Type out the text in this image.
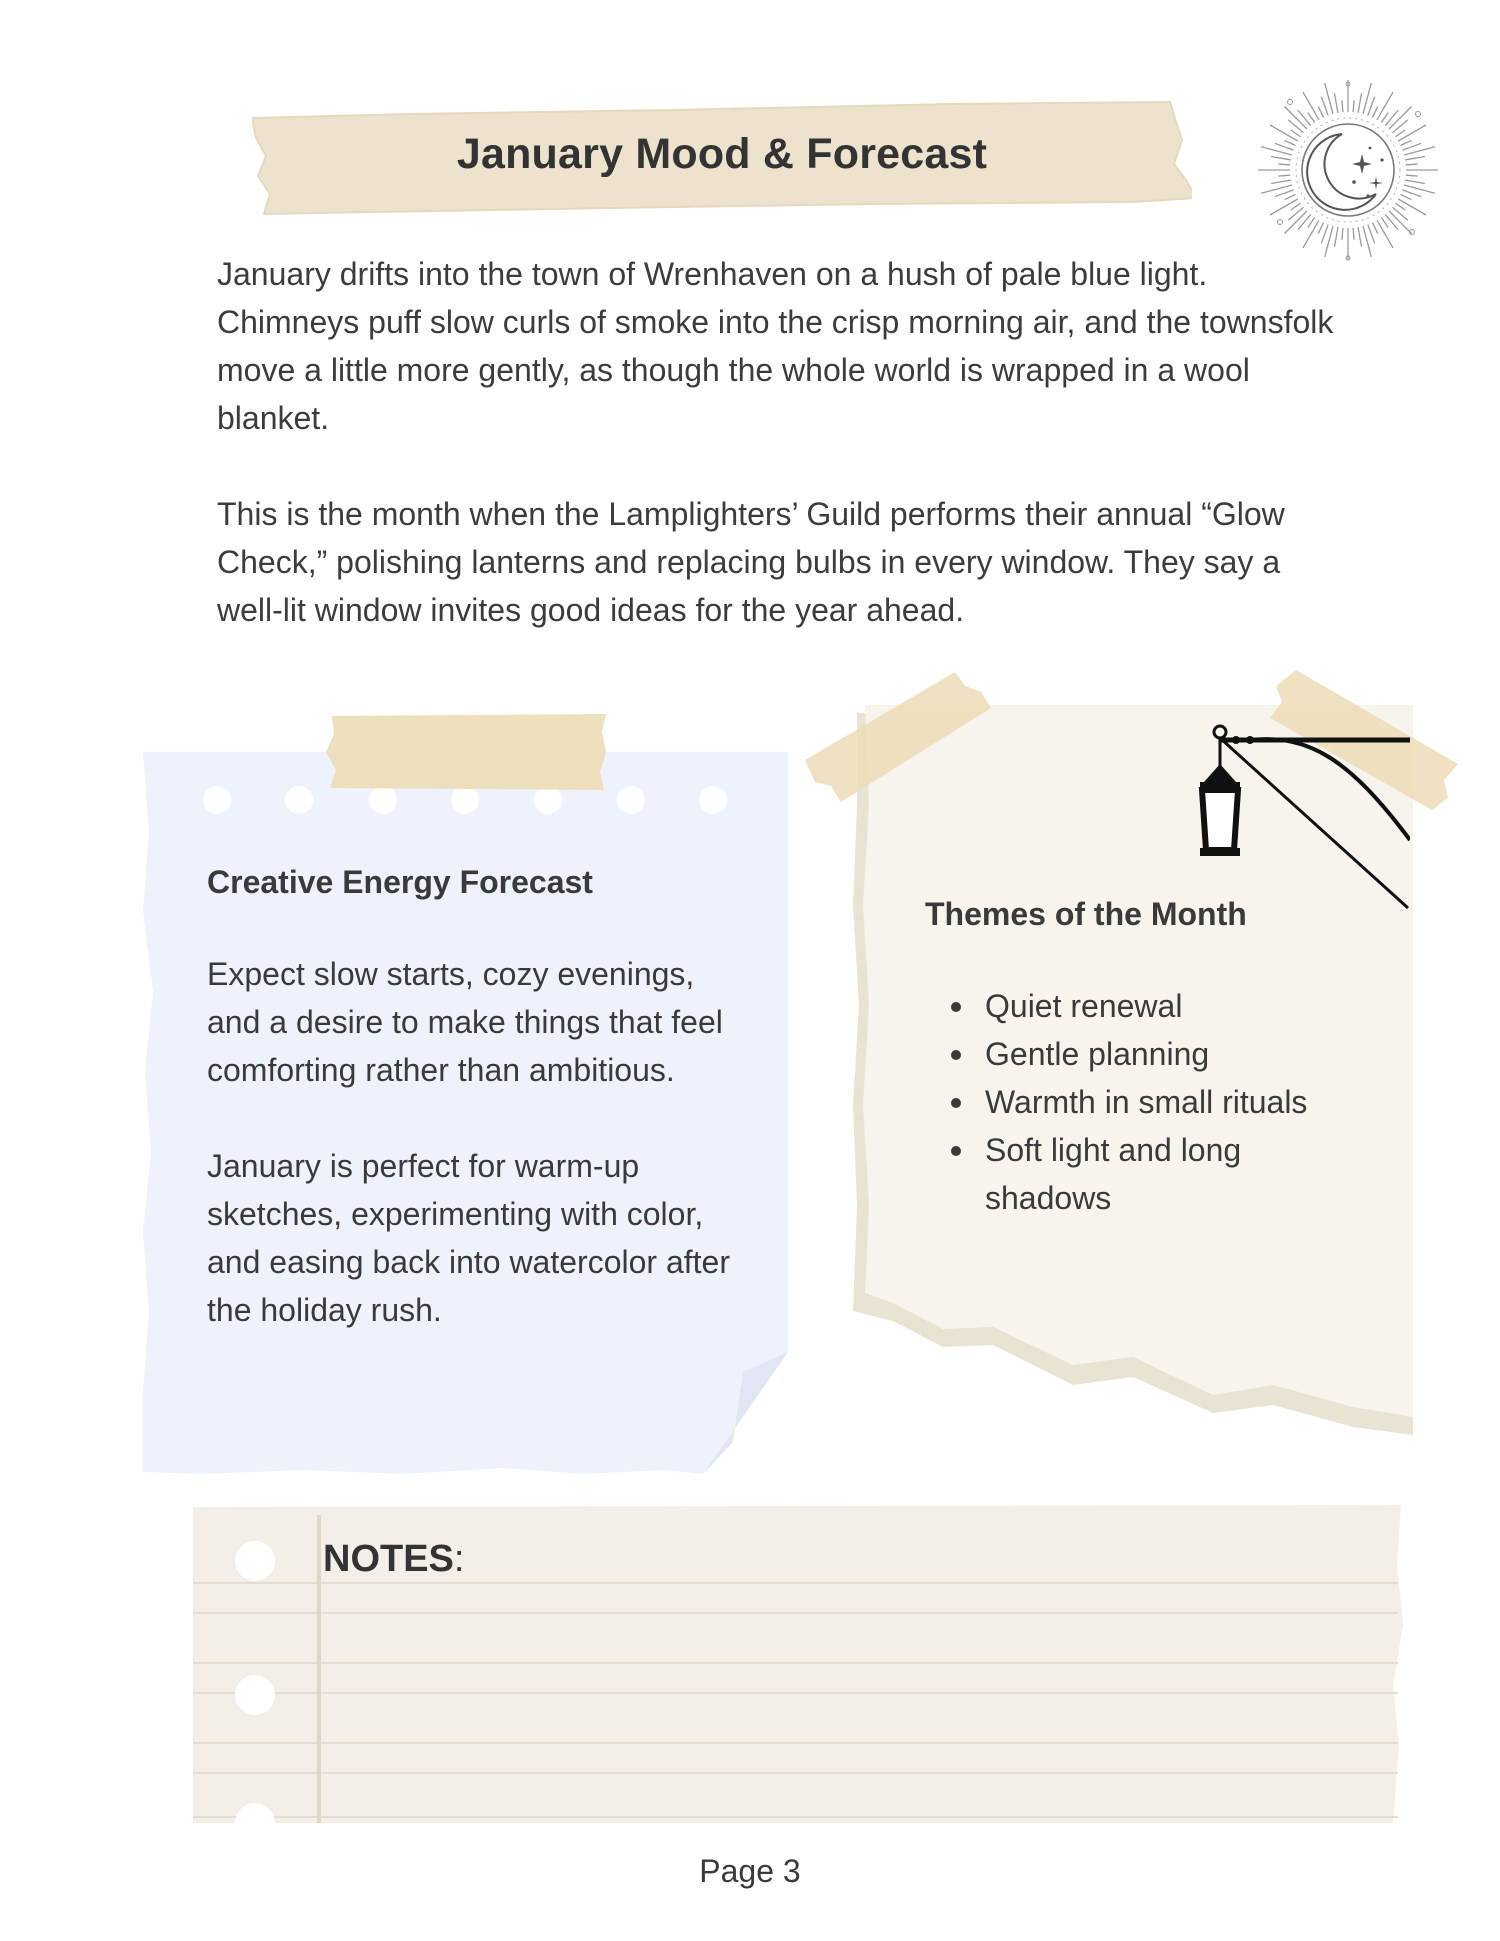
January Mood & Forecast

January drifts into the town of Wrenhaven on a hush of pale blue light. Chimneys puff slow curls of smoke into the crisp morning air, and the townsfolk move a little more gently, as though the whole world is wrapped in a wool blanket.

This is the month when the Lamplighters’ Guild performs their annual “Glow Check,” polishing lanterns and replacing bulbs in every window. They say a well-lit window invites good ideas for the year ahead.

Creative Energy Forecast

Expect slow starts, cozy evenings, and a desire to make things that feel comforting rather than ambitious.

January is perfect for warm-up sketches, experimenting with color, and easing back into watercolor after the holiday rush.

Themes of the Month
Quiet renewal
Gentle planning
Warmth in small rituals
Soft light and long shadows
NOTES:
Page 3
